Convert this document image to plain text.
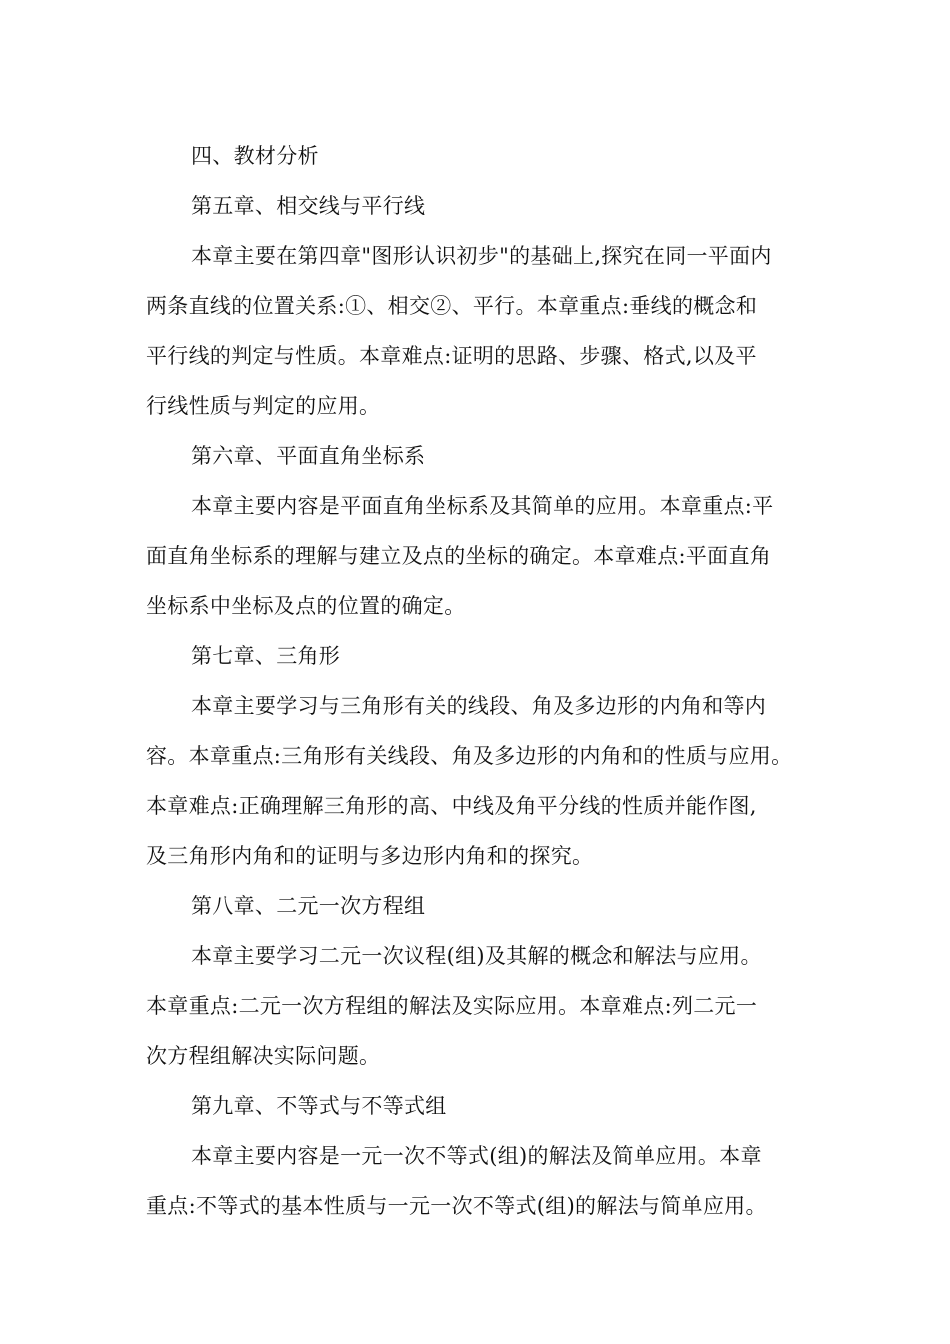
四、教材分析
第五章、相交线与平行线
本章主要在第四章"图形认识初步"的基础上,探究在同一平面内
两条直线的位置关系:①、相交②、平行。本章重点:垂线的概念和
平行线的判定与性质。本章难点:证明的思路、步骤、格式,以及平
行线性质与判定的应用。
第六章、平面直角坐标系
本章主要内容是平面直角坐标系及其简单的应用。本章重点:平
面直角坐标系的理解与建立及点的坐标的确定。本章难点:平面直角
坐标系中坐标及点的位置的确定。
第七章、三角形
本章主要学习与三角形有关的线段、角及多边形的内角和等内
容。本章重点:三角形有关线段、角及多边形的内角和的性质与应用。
本章难点:正确理解三角形的高、中线及角平分线的性质并能作图,
及三角形内角和的证明与多边形内角和的探究。
第八章、二元一次方程组
本章主要学习二元一次议程(组)及其解的概念和解法与应用。
本章重点:二元一次方程组的解法及实际应用。本章难点:列二元一
次方程组解决实际问题。
第九章、不等式与不等式组
本章主要内容是一元一次不等式(组)的解法及简单应用。本章
重点:不等式的基本性质与一元一次不等式(组)的解法与简单应用。
